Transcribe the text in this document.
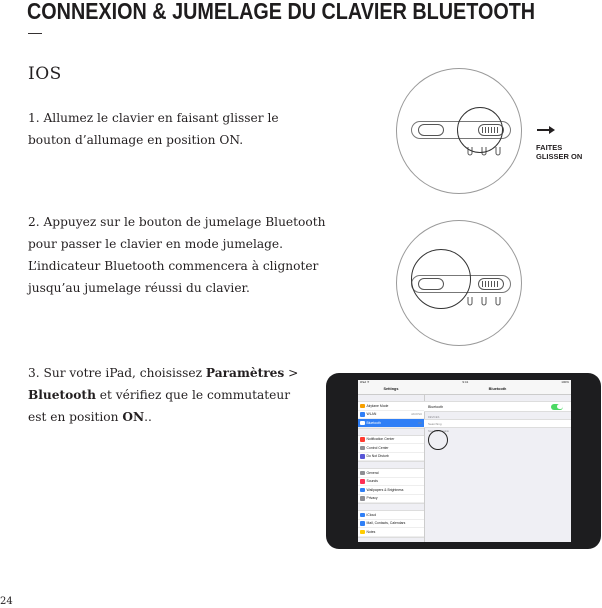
CONNEXION & JUMELAGE DU CLAVIER BLUETOOTH
—
IOS
1. Allumez le clavier en faisant glisser le
bouton d’allumage en position ON.
2. Appuyez sur le bouton de jumelage Bluetooth
pour passer le clavier en mode jumelage.
L’indicateur Bluetooth commencera à clignoter
jusqu’au jumelage réussi du clavier.
3. Sur votre iPad, choisissez Paramètres >
Bluetooth et vérifiez que le commutateur
est en position ON..
FAITES
GLISSER ON
iPad ✈	9:41	100%
Settings
Airplane Mode
WLAN	JACKSU
Bluetooth	On
Notification Center
Control Center
Do Not Disturb
General
Sounds
Wallpapers & Brightness
Privacy
iCloud
Mail, Contacts, Calendars
Notes
Bluetooth
Bluetooth
DEVICES
Searching
Now Discoverable
24
